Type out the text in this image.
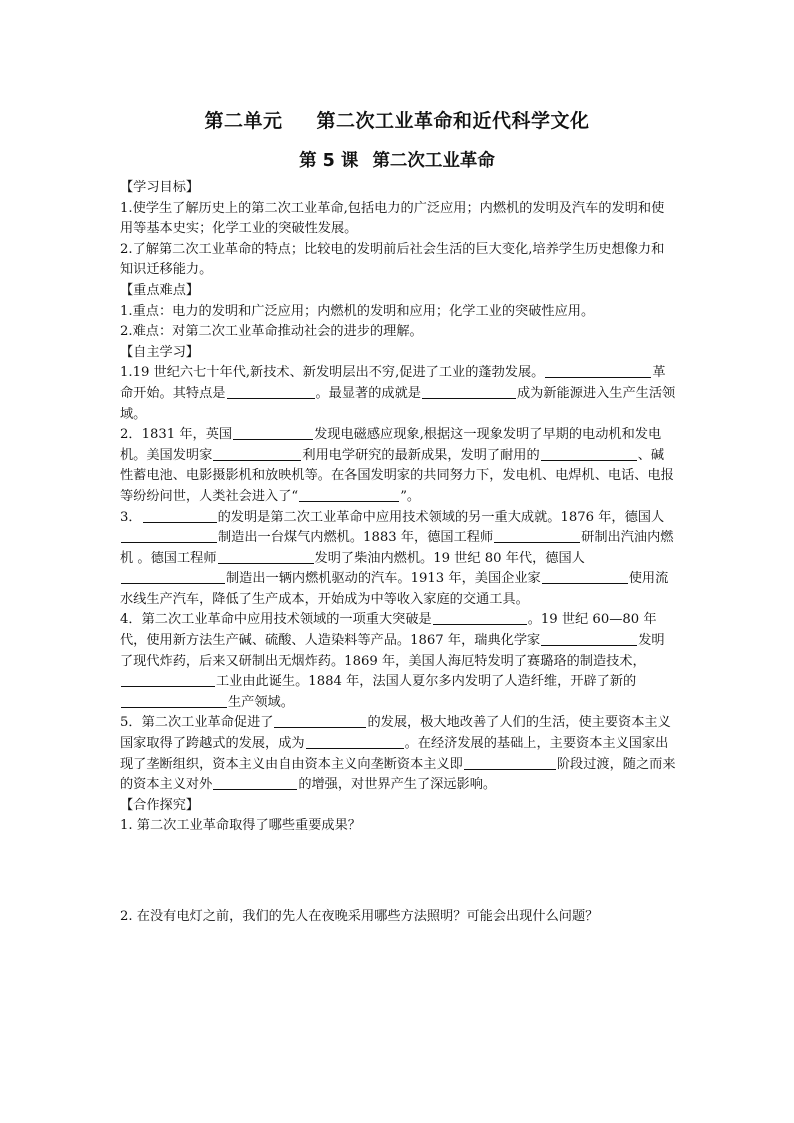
第二单元 第二次工业革命和近代科学文化
第 5 课 第二次工业革命

【学习目标】

1.使学生了解历史上的第二次工业革命,包括电力的广泛应用；内燃机的发明及汽车的发明和使用等基本史实；化学工业的突破性发展。

2.了解第二次工业革命的特点；比较电的发明前后社会生活的巨大变化,培养学生历史想像力和知识迁移能力。

【重点难点】

1.重点：电力的发明和广泛应用；内燃机的发明和应用；化学工业的突破性应用。

2.难点：对第二次工业革命推动社会的进步的理解。

【自主学习】

1.19 世纪六七十年代,新技术、新发明层出不穷,促进了工业的蓬勃发展。	革命开始。其特点是	。最显著的成就是	成为新能源进入生产生活领域。

2．1831 年，英国	发现电磁感应现象,根据这一现象发明了早期的电动机和发电机。美国发明家	利用电学研究的最新成果，发明了耐用的	、碱性蓄电池、电影摄影机和放映机等。在各国发明家的共同努力下，发电机、电焊机、电话、电报等纷纷问世，人类社会进入了“	”。

3．	的发明是第二次工业革命中应用技术领域的另一重大成就。1876 年，德国人制造出一台煤气内燃机。1883 年，德国工程师	研制出汽油内燃机 。德国工程师	发明了柴油内燃机。19 世纪 80 年代，德国人制造出一辆内燃机驱动的汽车。1913 年，美国企业家	使用流水线生产汽车，降低了生产成本，开始成为中等收入家庭的交通工具。

4．第二次工业革命中应用技术领域的一项重大突破是	。19 世纪 60—80 年代，使用新方法生产碱、硫酸、人造染料等产品。1867 年，瑞典化学家	发明了现代炸药，后来又研制出无烟炸药。1869 年，美国人海厄特发明了赛璐珞的制造技术，工业由此诞生。1884 年，法国人夏尔多内发明了人造纤维，开辟了新的生产领域。

5．第二次工业革命促进了	的发展，极大地改善了人们的生活，使主要资本主义国家取得了跨越式的发展，成为	。在经济发展的基础上，主要资本主义国家出现了垄断组织，资本主义由自由资本主义向垄断资本主义即	阶段过渡，随之而来的资本主义对外	的增强，对世界产生了深远影响。

【合作探究】

1. 第二次工业革命取得了哪些重要成果？

2. 在没有电灯之前，我们的先人在夜晚采用哪些方法照明？可能会出现什么问题？
